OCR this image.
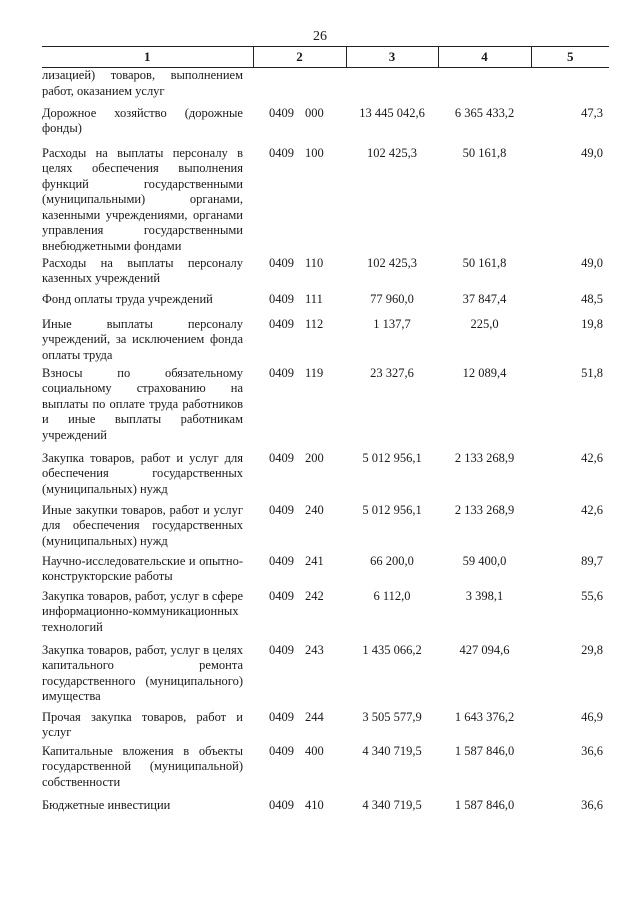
26
1	2	3	4	5

лизацией) товаров, выполнением работ, оказанием услуг				

Дорожное хозяйство (дорожные фонды)	0409 000	13 445 042,6	6 365 433,2	47,3

Расходы на выплаты персоналу в целях обеспечения выполнения функций государственными (муниципальными) органами, казенными учреждениями, органами управления государственными внебюджетными фондами	0409 100	102 425,3	50 161,8	49,0

Расходы на выплаты персоналу казенных учреждений	0409 110	102 425,3	50 161,8	49,0

Фонд оплаты труда учреждений	0409 111	77 960,0	37 847,4	48,5

Иные выплаты персоналу учреждений, за исключением фонда оплаты труда	0409 112	1 137,7	225,0	19,8

Взносы по обязательному социальному страхованию на выплаты по оплате труда работников и иные выплаты работникам учреждений	0409 119	23 327,6	12 089,4	51,8

Закупка товаров, работ и услуг для обеспечения государственных (муниципальных) нужд	0409 200	5 012 956,1	2 133 268,9	42,6

Иные закупки товаров, работ и услуг для обеспечения государственных (муниципальных) нужд	0409 240	5 012 956,1	2 133 268,9	42,6

Научно-исследовательские и опытно-конструкторские работы	0409 241	66 200,0	59 400,0	89,7

Закупка товаров, работ, услуг в сфере информационно-коммуникационных технологий	0409 242	6 112,0	3 398,1	55,6

Закупка товаров, работ, услуг в целях капитального ремонта государственного (муниципального) имущества	0409 243	1 435 066,2	427 094,6	29,8

Прочая закупка товаров, работ и услуг	0409 244	3 505 577,9	1 643 376,2	46,9

Капитальные вложения в объекты государственной (муниципальной) собственности	0409 400	4 340 719,5	1 587 846,0	36,6

Бюджетные инвестиции	0409 410	4 340 719,5	1 587 846,0	36,6
